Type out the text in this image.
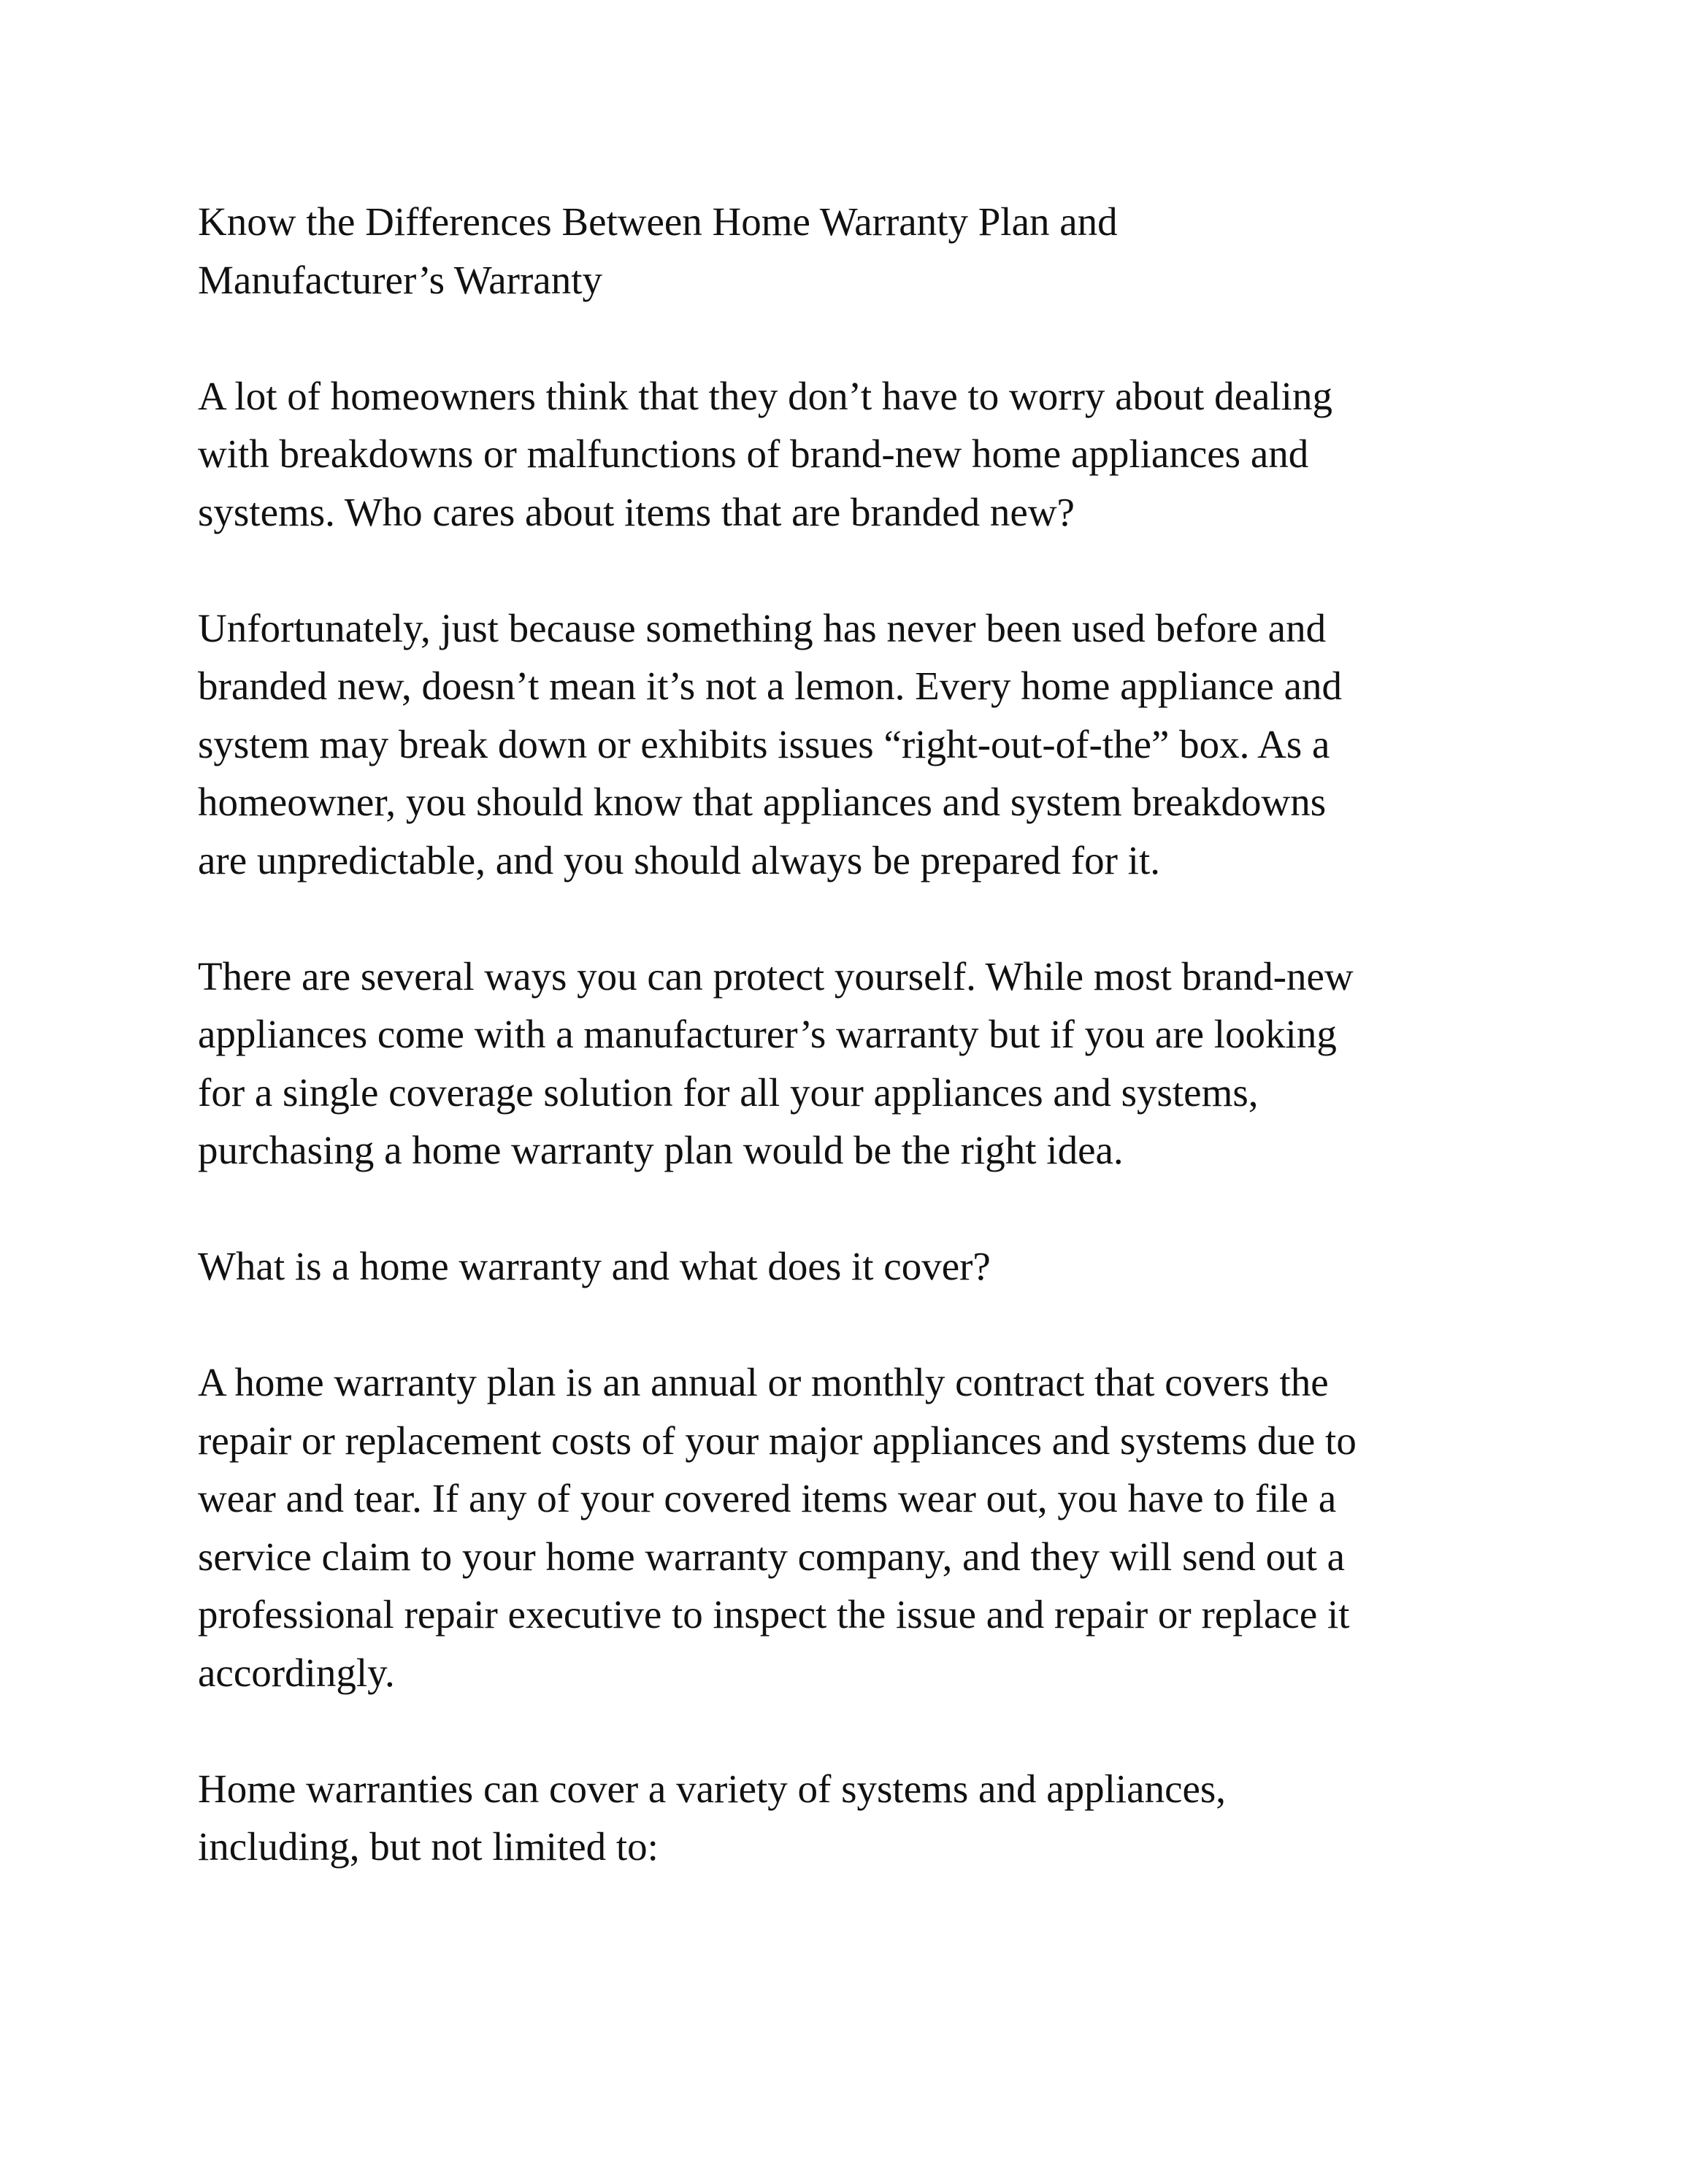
Know the Differences Between Home Warranty Plan and
Manufacturer’s Warranty

A lot of homeowners think that they don’t have to worry about dealing
with breakdowns or malfunctions of brand-new home appliances and
systems. Who cares about items that are branded new?

Unfortunately, just because something has never been used before and
branded new, doesn’t mean it’s not a lemon. Every home appliance and
system may break down or exhibits issues “right-out-of-the” box. As a
homeowner, you should know that appliances and system breakdowns
are unpredictable, and you should always be prepared for it.

There are several ways you can protect yourself. While most brand-new
appliances come with a manufacturer’s warranty but if you are looking
for a single coverage solution for all your appliances and systems,
purchasing a home warranty plan would be the right idea.

What is a home warranty and what does it cover?

A home warranty plan is an annual or monthly contract that covers the
repair or replacement costs of your major appliances and systems due to
wear and tear. If any of your covered items wear out, you have to file a
service claim to your home warranty company, and they will send out a
professional repair executive to inspect the issue and repair or replace it
accordingly.

Home warranties can cover a variety of systems and appliances,
including, but not limited to:
